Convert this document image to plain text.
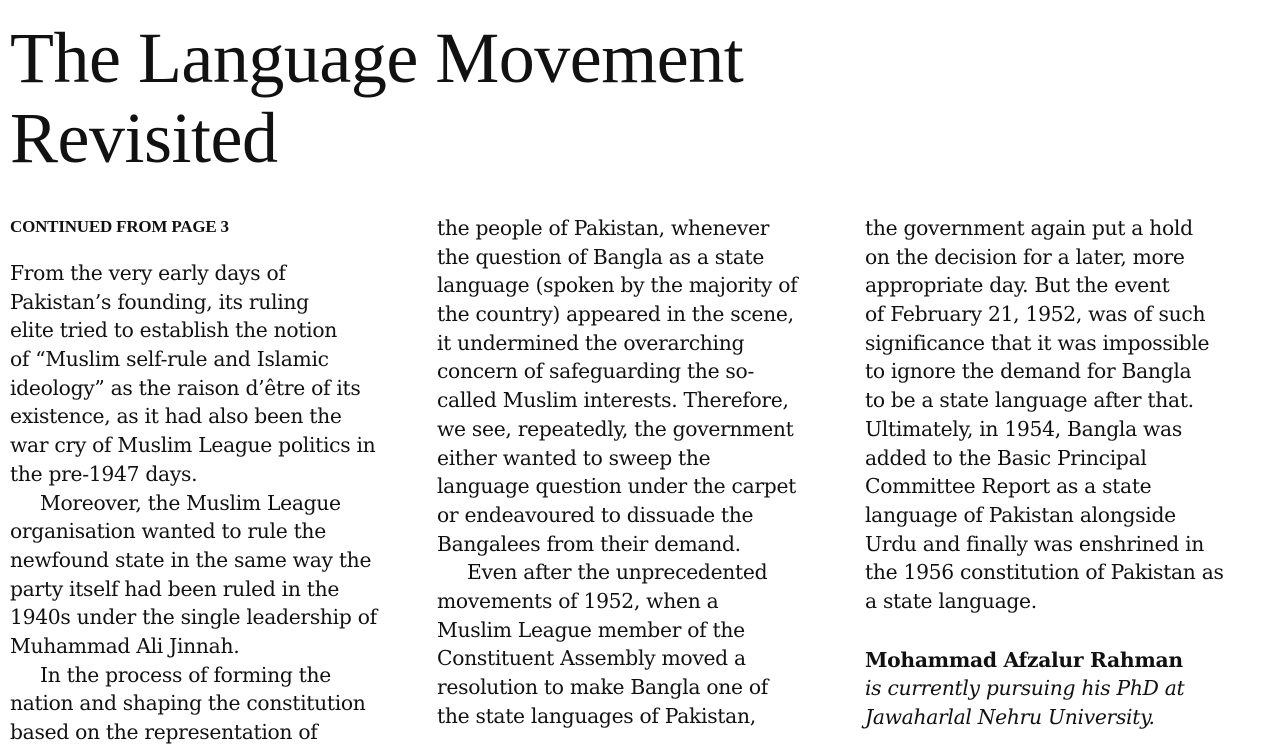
The Language Movement
Revisited
CONTINUED FROM PAGE 3
From the very early days of
Pakistan’s founding, its ruling
elite tried to establish the notion
of “Muslim self-rule and Islamic
ideology” as the raison d’être of its
existence, as it had also been the
war cry of Muslim League politics in
the pre-1947 days.
Moreover, the Muslim League
organisation wanted to rule the
newfound state in the same way the
party itself had been ruled in the
1940s under the single leadership of
Muhammad Ali Jinnah.
In the process of forming the
nation and shaping the constitution
based on the representation of
the people of Pakistan, whenever
the question of Bangla as a state
language (spoken by the majority of
the country) appeared in the scene,
it undermined the overarching
concern of safeguarding the so-
called Muslim interests. Therefore,
we see, repeatedly, the government
either wanted to sweep the
language question under the carpet
or endeavoured to dissuade the
Bangalees from their demand.
Even after the unprecedented
movements of 1952, when a
Muslim League member of the
Constituent Assembly moved a
resolution to make Bangla one of
the state languages of Pakistan,
the government again put a hold
on the decision for a later, more
appropriate day. But the event
of February 21, 1952, was of such
significance that it was impossible
to ignore the demand for Bangla
to be a state language after that.
Ultimately, in 1954, Bangla was
added to the Basic Principal
Committee Report as a state
language of Pakistan alongside
Urdu and finally was enshrined in
the 1956 constitution of Pakistan as
a state language.
Mohammad Afzalur Rahman
is currently pursuing his PhD at
Jawaharlal Nehru University.
